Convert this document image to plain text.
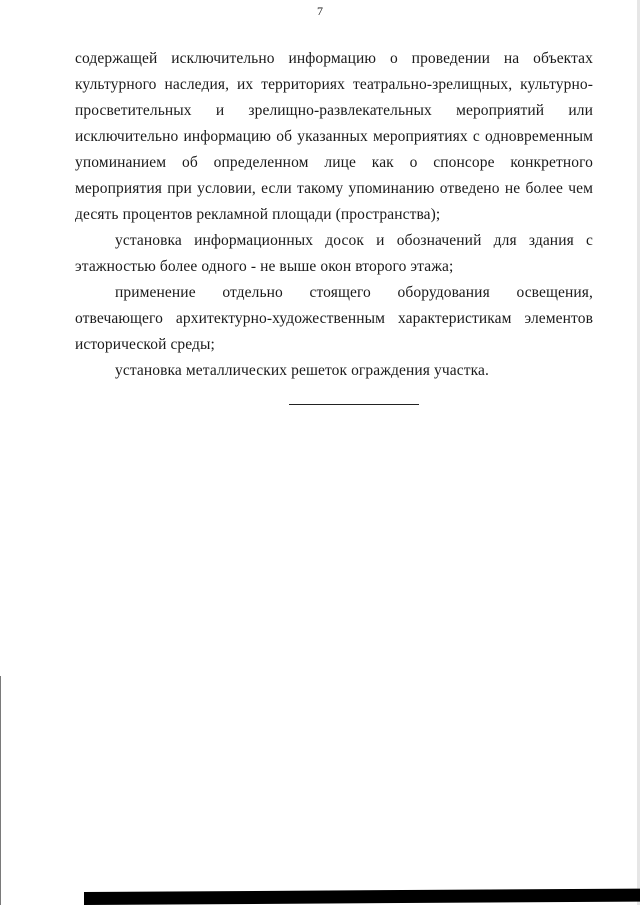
7

содержащей исключительно информацию о проведении на объектах культурного наследия, их территориях театрально-зрелищных, культурно-просветительных и зрелищно-развлекательных мероприятий или исключительно информацию об указанных мероприятиях с одновременным упоминанием об определенном лице как о спонсоре конкретного мероприятия при условии, если такому упоминанию отведено не более чем десять процентов рекламной площади (пространства);

установка информационных досок и обозначений для здания с этажностью более одного - не выше окон второго этажа;

применение отдельно стоящего оборудования освещения, отвечающего архитектурно-художественным характеристикам элементов исторической среды;

установка металлических решеток ограждения участка.
